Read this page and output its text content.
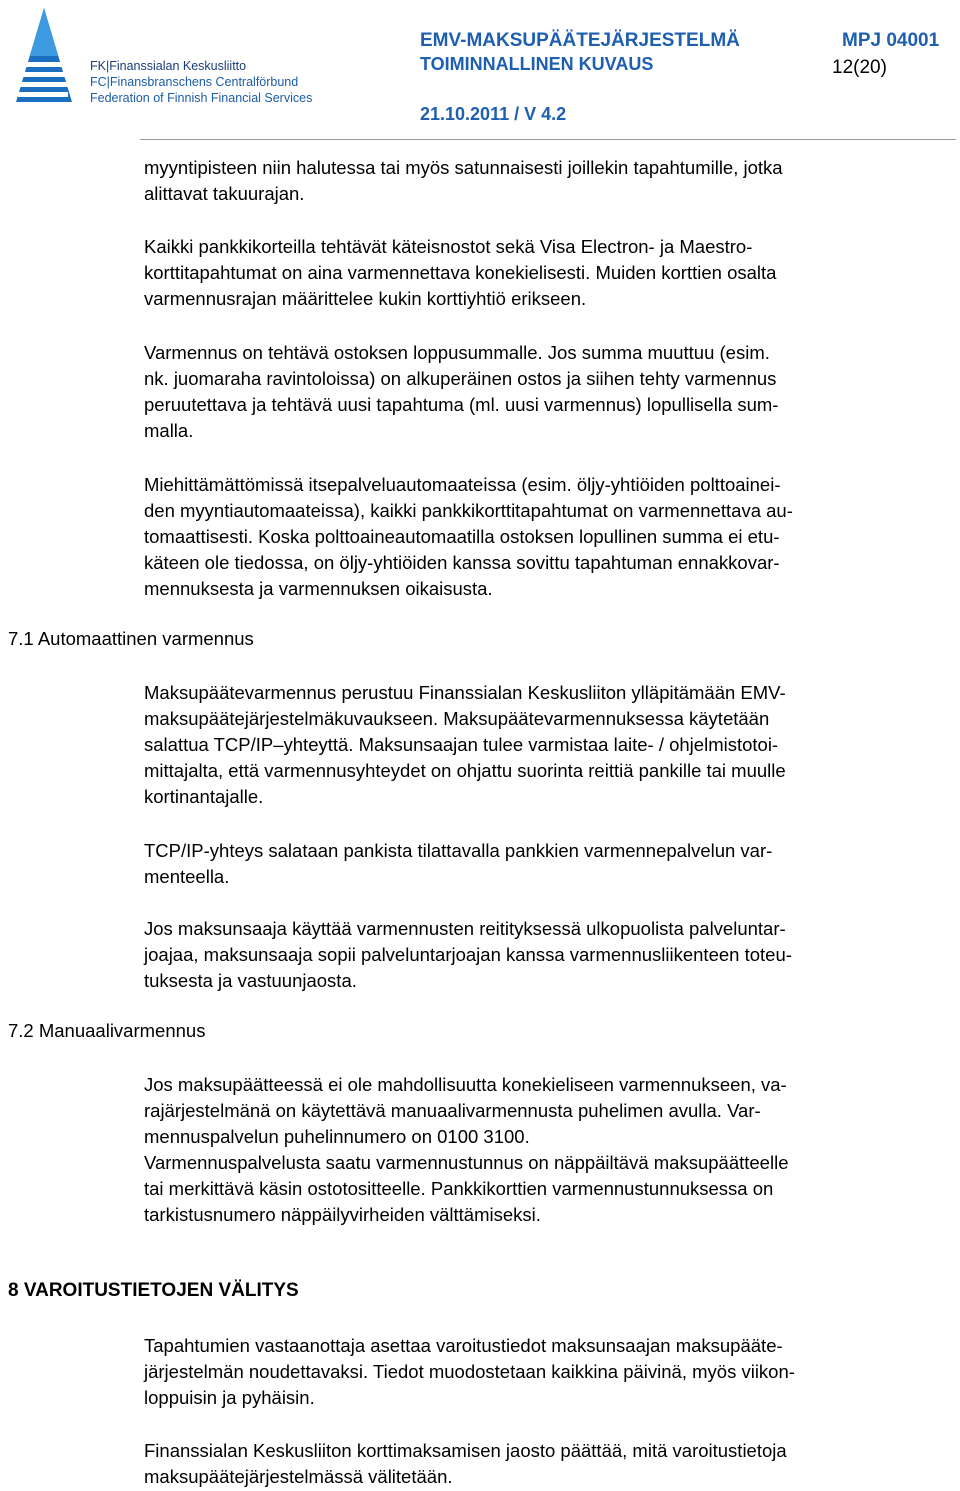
FK|Finanssialan Keskusliitto
FC|Finansbranschens Centralförbund
Federation of Finnish Financial Services
EMV-MAKSUPÄÄTEJÄRJESTELMÄ	MPJ 04001
TOIMINNALLINEN KUVAUS	12(20)
21.10.2011 / V 4.2
myyntipisteen niin halutessa tai myös satunnaisesti joillekin tapahtumille, jotka
alittavat takuurajan.
Kaikki pankkikorteilla tehtävät käteisnostot sekä Visa Electron- ja Maestro-
korttitapahtumat on aina varmennettava konekielisesti. Muiden korttien osalta
varmennusrajan määrittelee kukin korttiyhtiö erikseen.
Varmennus on tehtävä ostoksen loppusummalle. Jos summa muuttuu (esim.
nk. juomaraha ravintoloissa) on alkuperäinen ostos ja siihen tehty varmennus
peruutettava ja tehtävä uusi tapahtuma (ml. uusi varmennus) lopullisella sum-
malla.
Miehittämättömissä itsepalveluautomaateissa (esim. öljy-yhtiöiden polttoainei-
den myyntiautomaateissa), kaikki pankkikorttitapahtumat on varmennettava au-
tomaattisesti. Koska polttoaineautomaatilla ostoksen lopullinen summa ei etu-
käteen ole tiedossa, on öljy-yhtiöiden kanssa sovittu tapahtuman ennakkovar-
mennuksesta ja varmennuksen oikaisusta.
7.1 Automaattinen varmennus
Maksupäätevarmennus perustuu Finanssialan Keskusliiton ylläpitämään EMV-
maksupäätejärjestelmäkuvaukseen. Maksupäätevarmennuksessa käytetään
salattua TCP/IP–yhteyttä. Maksunsaajan tulee varmistaa laite- / ohjelmistotoi-
mittajalta, että varmennusyhteydet on ohjattu suorinta reittiä pankille tai muulle
kortinantajalle.
TCP/IP-yhteys salataan pankista tilattavalla pankkien varmennepalvelun var-
menteella.
Jos maksunsaaja käyttää varmennusten reitityksessä ulkopuolista palveluntar-
joajaa, maksunsaaja sopii palveluntarjoajan kanssa varmennusliikenteen toteu-
tuksesta ja vastuunjaosta.
7.2 Manuaalivarmennus
Jos maksupäätteessä ei ole mahdollisuutta konekieliseen varmennukseen, va-
rajärjestelmänä on käytettävä manuaalivarmennusta puhelimen avulla. Var-
mennuspalvelun puhelinnumero on 0100 3100.
Varmennuspalvelusta saatu varmennustunnus on näppäiltävä maksupäätteelle
tai merkittävä käsin ostotositteelle. Pankkikorttien varmennustunnuksessa on
tarkistusnumero näppäilyvirheiden välttämiseksi.
8 VAROITUSTIETOJEN VÄLITYS
Tapahtumien vastaanottaja asettaa varoitustiedot maksunsaajan maksupääte-
järjestelmän noudettavaksi. Tiedot muodostetaan kaikkina päivinä, myös viikon-
loppuisin ja pyhäisin.
Finanssialan Keskusliiton korttimaksamisen jaosto päättää, mitä varoitustietoja
maksupäätejärjestelmässä välitetään.
